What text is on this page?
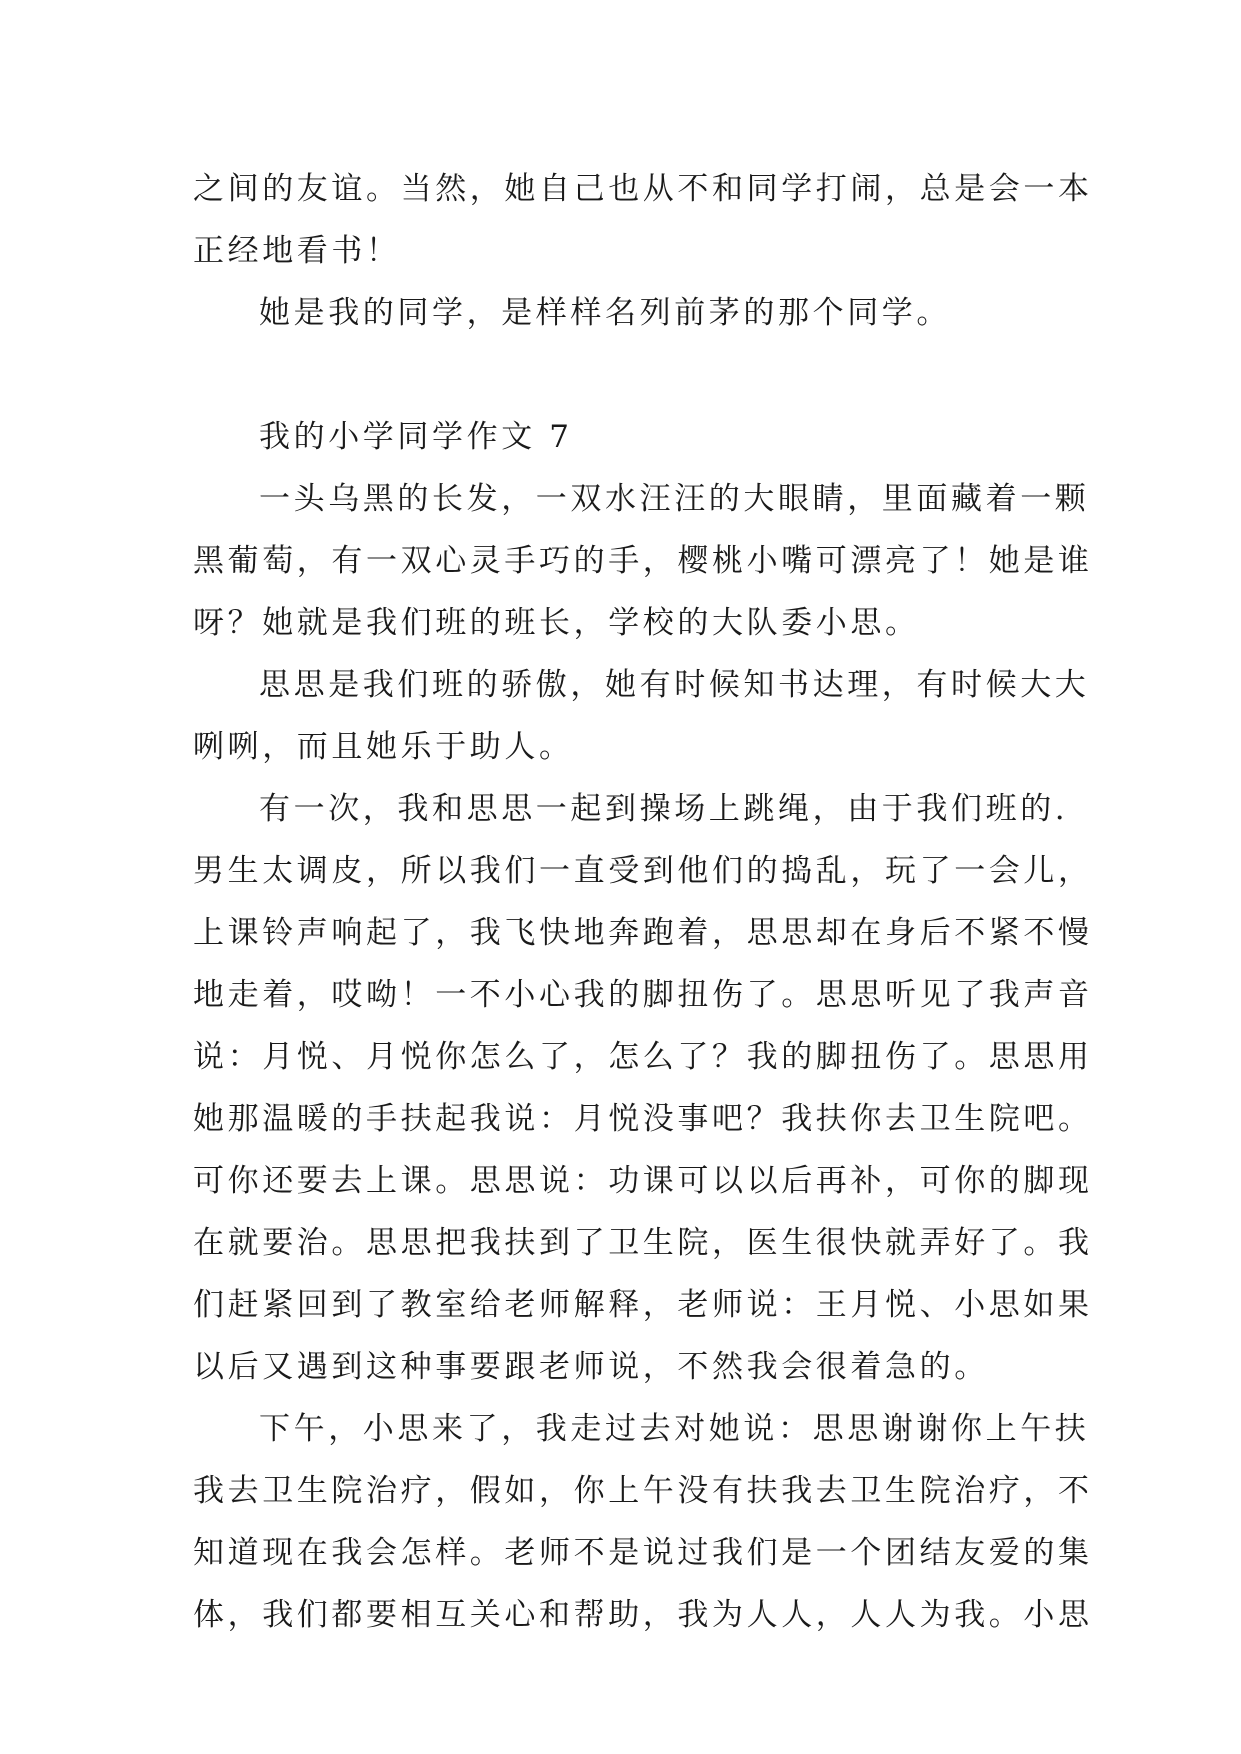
之间的友谊。当然，她自己也从不和同学打闹，总是会一本
正经地看书！
她是我的同学，是样样名列前茅的那个同学。
我的小学同学作文 7
一头乌黑的长发，一双水汪汪的大眼睛，里面藏着一颗
黑葡萄，有一双心灵手巧的手，樱桃小嘴可漂亮了！她是谁
呀？她就是我们班的班长，学校的大队委小思。
思思是我们班的骄傲，她有时候知书达理，有时候大大
咧咧，而且她乐于助人。
有一次，我和思思一起到操场上跳绳，由于我们班的.
男生太调皮，所以我们一直受到他们的捣乱，玩了一会儿，
上课铃声响起了，我飞快地奔跑着，思思却在身后不紧不慢
地走着，哎呦！一不小心我的脚扭伤了。思思听见了我声音
说：月悦、月悦你怎么了，怎么了？我的脚扭伤了。思思用
她那温暖的手扶起我说：月悦没事吧？我扶你去卫生院吧。
可你还要去上课。思思说：功课可以以后再补，可你的脚现
在就要治。思思把我扶到了卫生院，医生很快就弄好了。我
们赶紧回到了教室给老师解释，老师说：王月悦、小思如果
以后又遇到这种事要跟老师说，不然我会很着急的。
下午，小思来了，我走过去对她说：思思谢谢你上午扶
我去卫生院治疗，假如，你上午没有扶我去卫生院治疗，不
知道现在我会怎样。老师不是说过我们是一个团结友爱的集
体，我们都要相互关心和帮助，我为人人，人人为我。小思
